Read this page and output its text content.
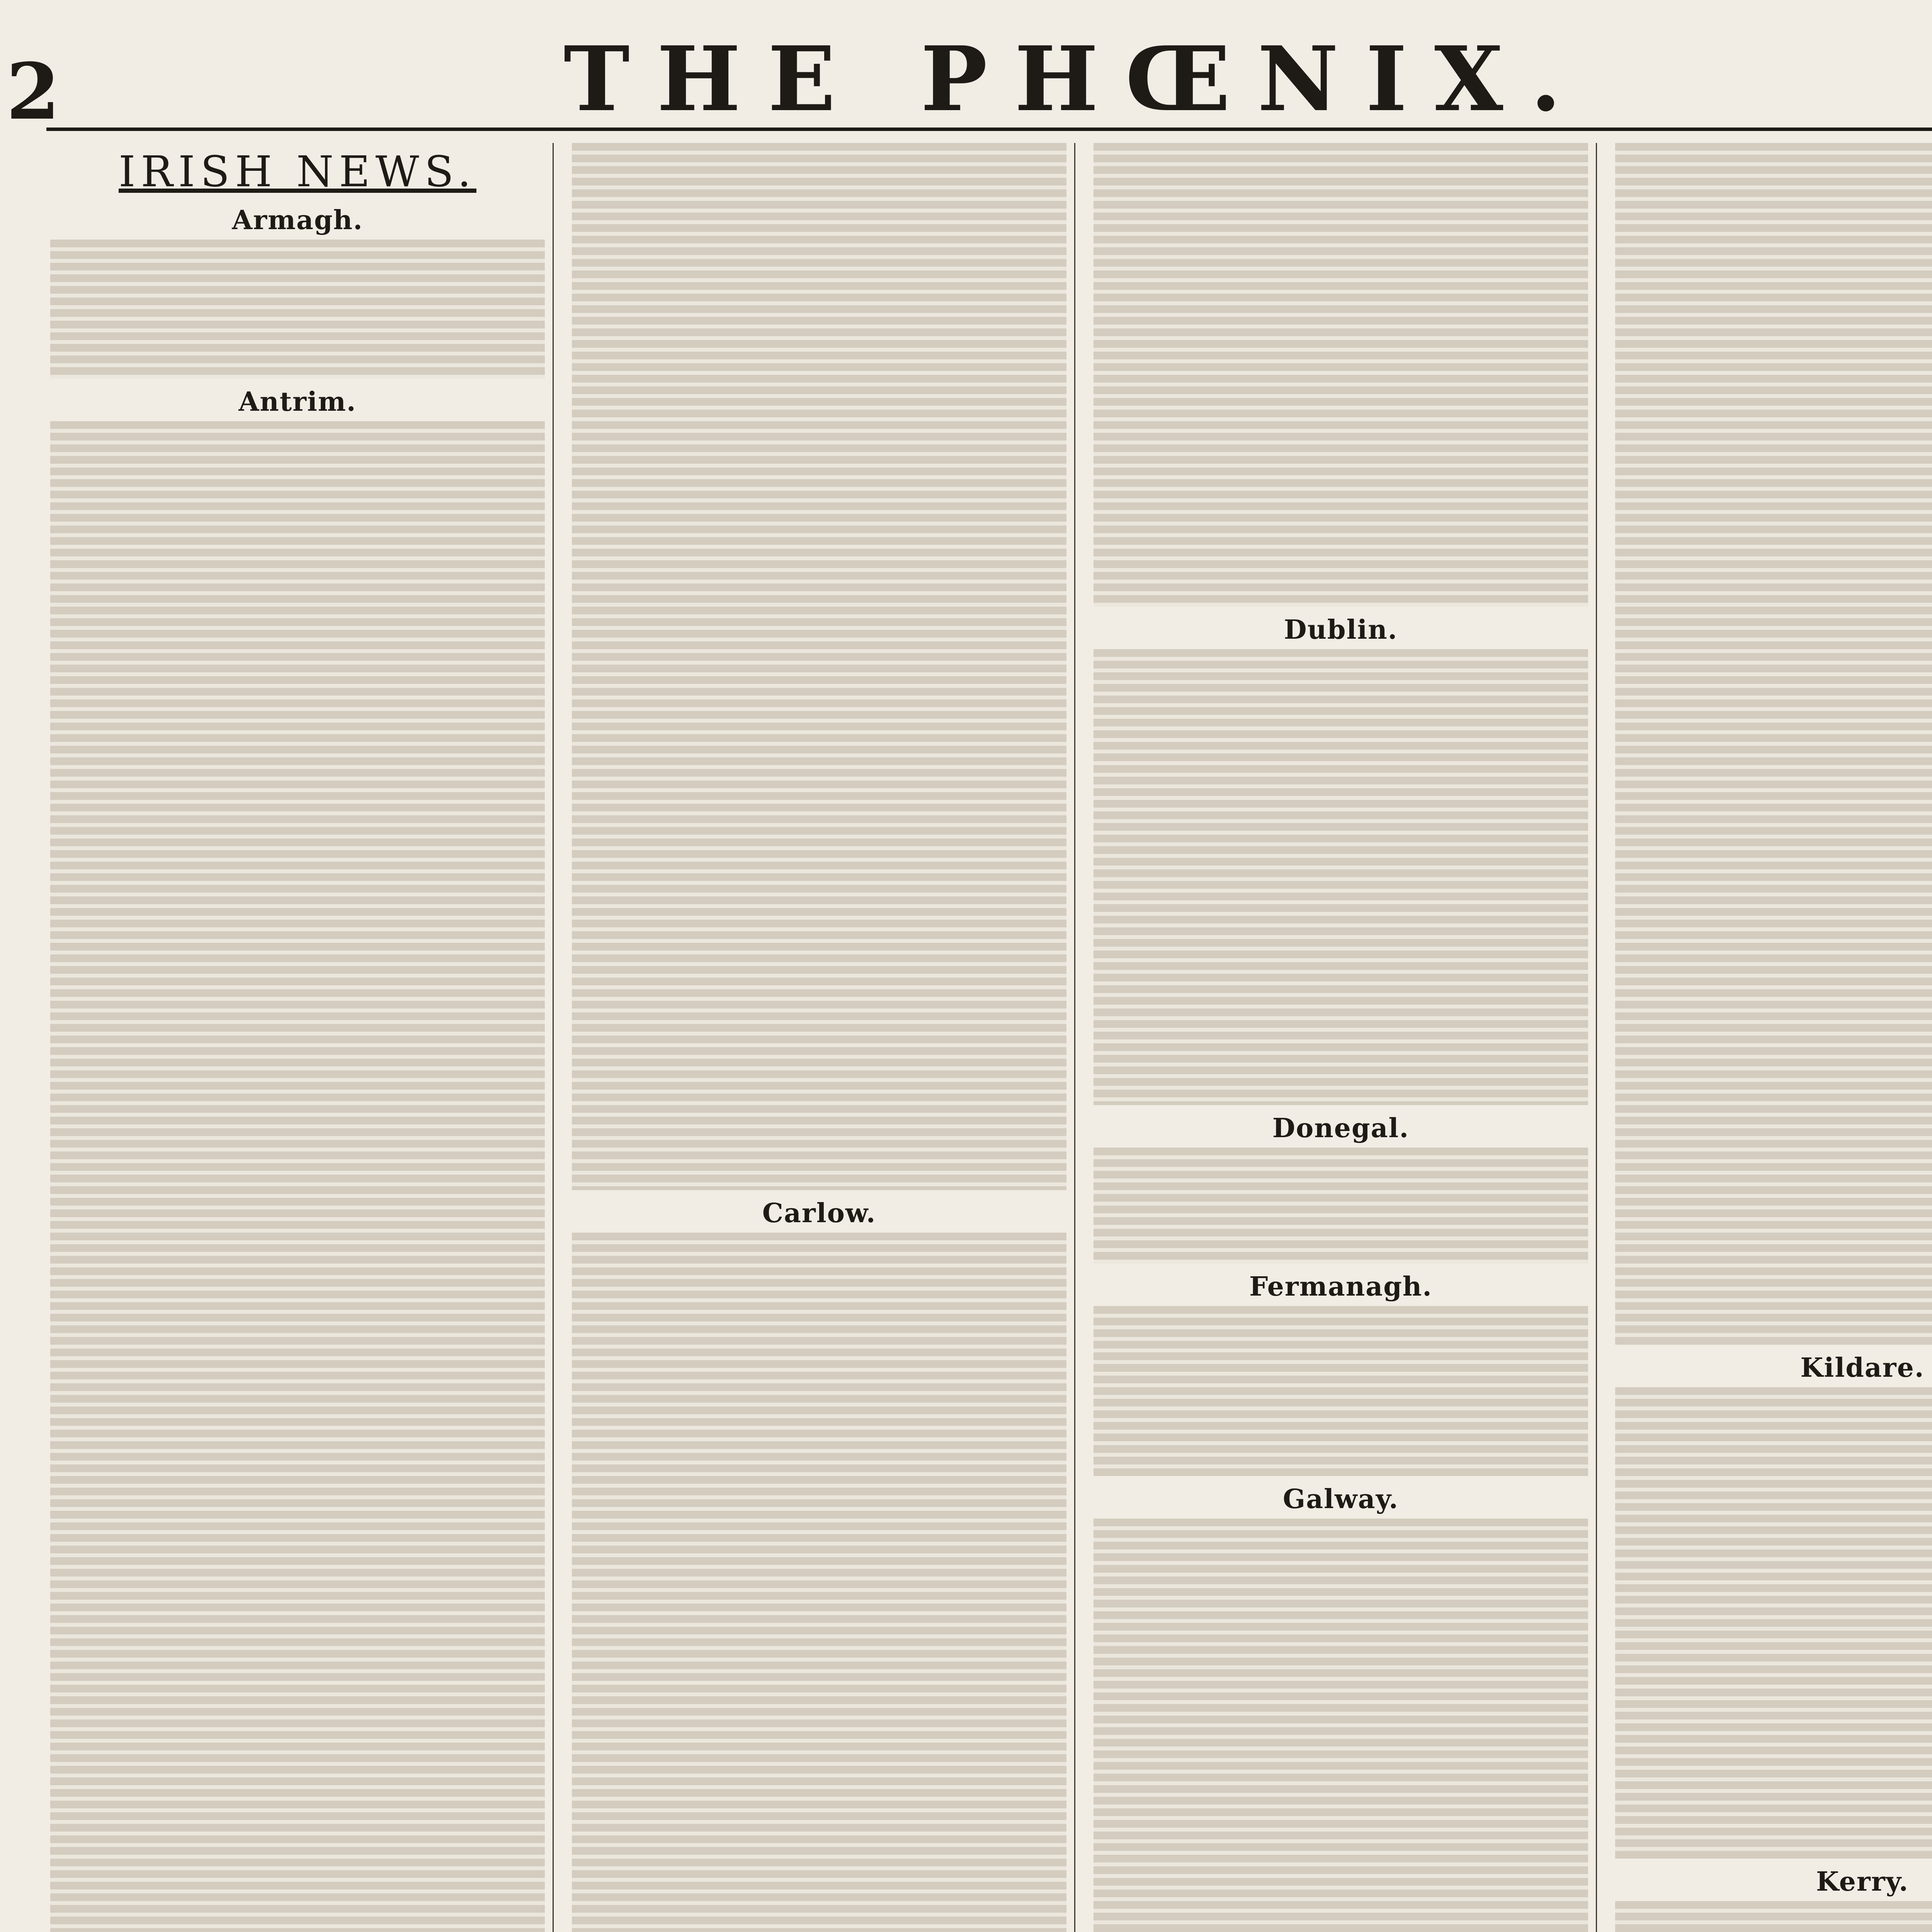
2	THE PHŒNIX.
IRISH NEWS.
Armagh.
Antrim.
Carlow.
Dublin.
Donegal.
Fermanagh.
Galway.
Kildare.
Kerry.
